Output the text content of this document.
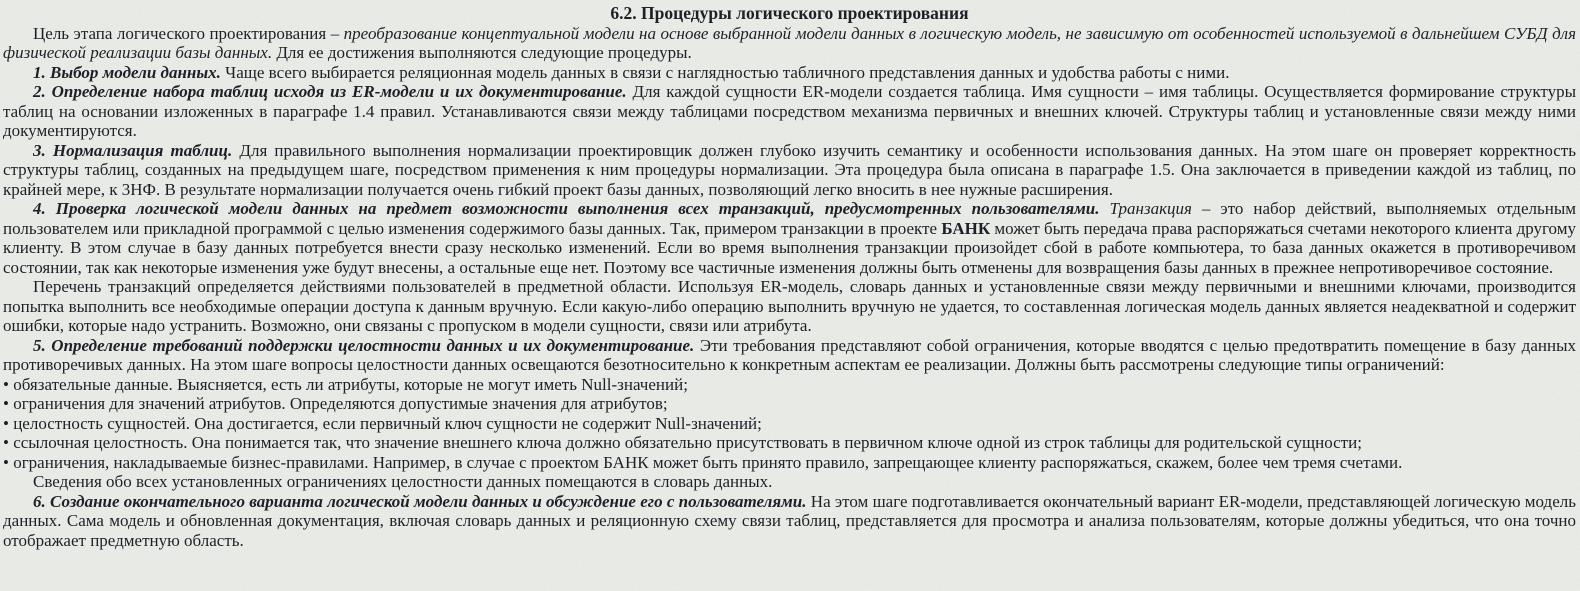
6.2. Процедуры логического проектирования

Цель этапа логического проектирования – преобразование концептуальной модели на основе выбранной модели данных в логическую модель, не зависимую от особенностей используемой в дальнейшем СУБД для физической реализации базы данных. Для ее достижения выполняются следующие процедуры.

1. Выбор модели данных. Чаще всего выбирается реляционная модель данных в связи с наглядностью табличного представления данных и удобства работы с ними.

2. Определение набора таблиц исходя из ER-модели и их документирование. Для каждой сущности ER-модели создается таблица. Имя сущности – имя таблицы. Осуществляется формирование структуры таблиц на основании изложенных в параграфе 1.4 правил. Устанавливаются связи между таблицами посредством механизма первичных и внешних ключей. Структуры таблиц и установленные связи между ними документируются.

3. Нормализация таблиц. Для правильного выполнения нормализации проектировщик должен глубоко изучить семантику и особенности использования данных. На этом шаге он проверяет корректность структуры таблиц, созданных на предыдущем шаге, посредством применения к ним процедуры нормализации. Эта процедура была описана в параграфе 1.5. Она заключается в приведении каждой из таблиц, по крайней мере, к 3НФ. В результате нормализации получается очень гибкий проект базы данных, позволяющий легко вносить в нее нужные расширения.

4. Проверка логической модели данных на предмет возможности выполнения всех транзакций, предусмотренных пользователями. Транзакция – это набор действий, выполняемых отдельным пользователем или прикладной программой с целью изменения содержимого базы данных. Так, примером транзакции в проекте БАНК может быть передача права распоряжаться счетами некоторого клиента другому клиенту. В этом случае в базу данных потребуется внести сразу несколько изменений. Если во время выполнения транзакции произойдет сбой в работе компьютера, то база данных окажется в противоречивом состоянии, так как некоторые изменения уже будут внесены, а остальные еще нет. Поэтому все частичные изменения должны быть отменены для возвращения базы данных в прежнее непротиворечивое состояние.

Перечень транзакций определяется действиями пользователей в предметной области. Используя ER-модель, словарь данных и установленные связи между первичными и внешними ключами, производится попытка выполнить все необходимые операции доступа к данным вручную. Если какую-либо операцию выполнить вручную не удается, то составленная логическая модель данных является неадекватной и содержит ошибки, которые надо устранить. Возможно, они связаны с пропуском в модели сущности, связи или атрибута.

5. Определение требований поддержки целостности данных и их документирование. Эти требования представляют собой ограничения, которые вводятся с целью предотвратить помещение в базу данных противоречивых данных. На этом шаге вопросы целостности данных освещаются безотносительно к конкретным аспектам ее реализации. Должны быть рассмотрены следующие типы ограничений:

• обязательные данные. Выясняется, есть ли атрибуты, которые не могут иметь Null-значений;

• ограничения для значений атрибутов. Определяются допустимые значения для атрибутов;

• целостность сущностей. Она достигается, если первичный ключ сущности не содержит Null-значений;

• ссылочная целостность. Она понимается так, что значение внешнего ключа должно обязательно присутствовать в первичном ключе одной из строк таблицы для родительской сущности;

• ограничения, накладываемые бизнес-правилами. Например, в случае с проектом БАНК может быть принято правило, запрещающее клиенту распоряжаться, скажем, более чем тремя счетами.

Сведения обо всех установленных ограничениях целостности данных помещаются в словарь данных.

6. Создание окончательного варианта логической модели данных и обсуждение его с пользователями. На этом шаге подготавливается окончательный вариант ER-модели, представляющей логическую модель данных. Сама модель и обновленная документация, включая словарь данных и реляционную схему связи таблиц, представляется для просмотра и анализа пользователям, которые должны убедиться, что она точно отображает предметную область.
